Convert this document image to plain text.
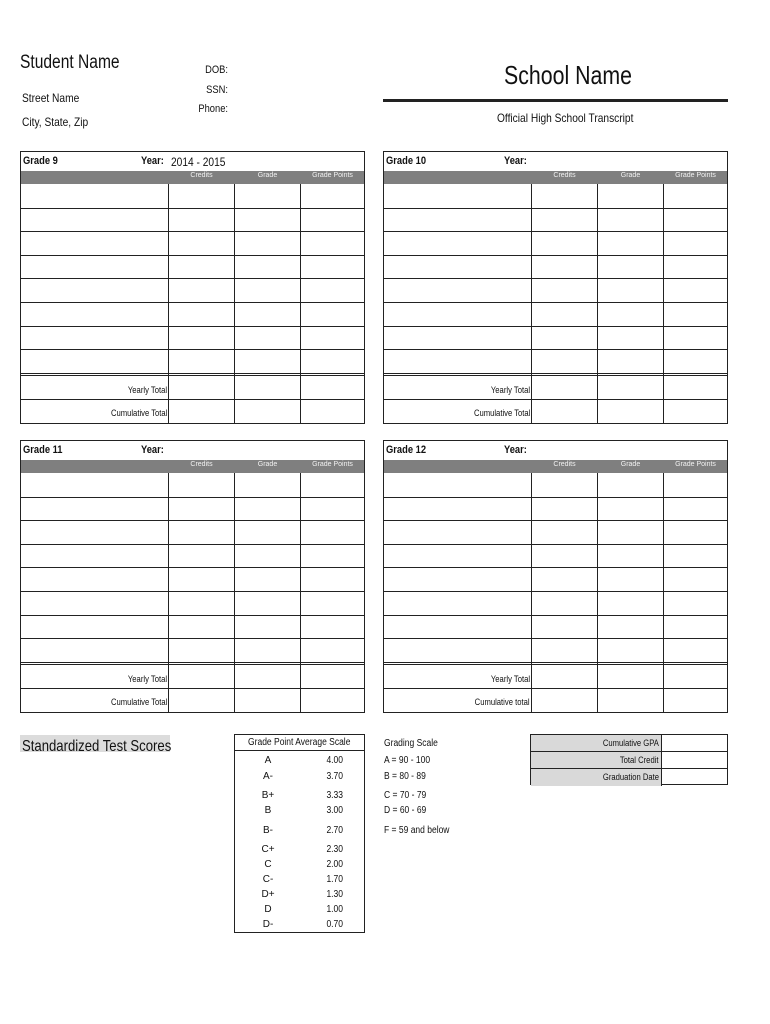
Student Name
Street Name
City, State, Zip
DOB:
SSN:
Phone:
School Name
Official High School Transcript
Grade 9	Year: 2014 - 2015
Credits	Grade	Grade Points
Yearly Total
Cumulative Total
Grade 10	Year:
Credits	Grade	Grade Points
Yearly Total
Cumulative Total
Grade 11	Year:
Credits	Grade	Grade Points
Yearly Total
Cumulative Total
Grade 12	Year:
Credits	Grade	Grade Points
Yearly Total
Cumulative total
Standardized Test Scores	Grade Point Average Scale
A	4.00
A-	3.70
B+	3.33
B	3.00
B-	2.70
C+	2.30
C	2.00
C-	1.70
D+	1.30
D	1.00
D-	0.70
Grading Scale
A = 90 - 100
B = 80 - 89
C = 70 - 79
D = 60 - 69
F = 59 and below
Cumulative GPA
Total Credit
Graduation Date
